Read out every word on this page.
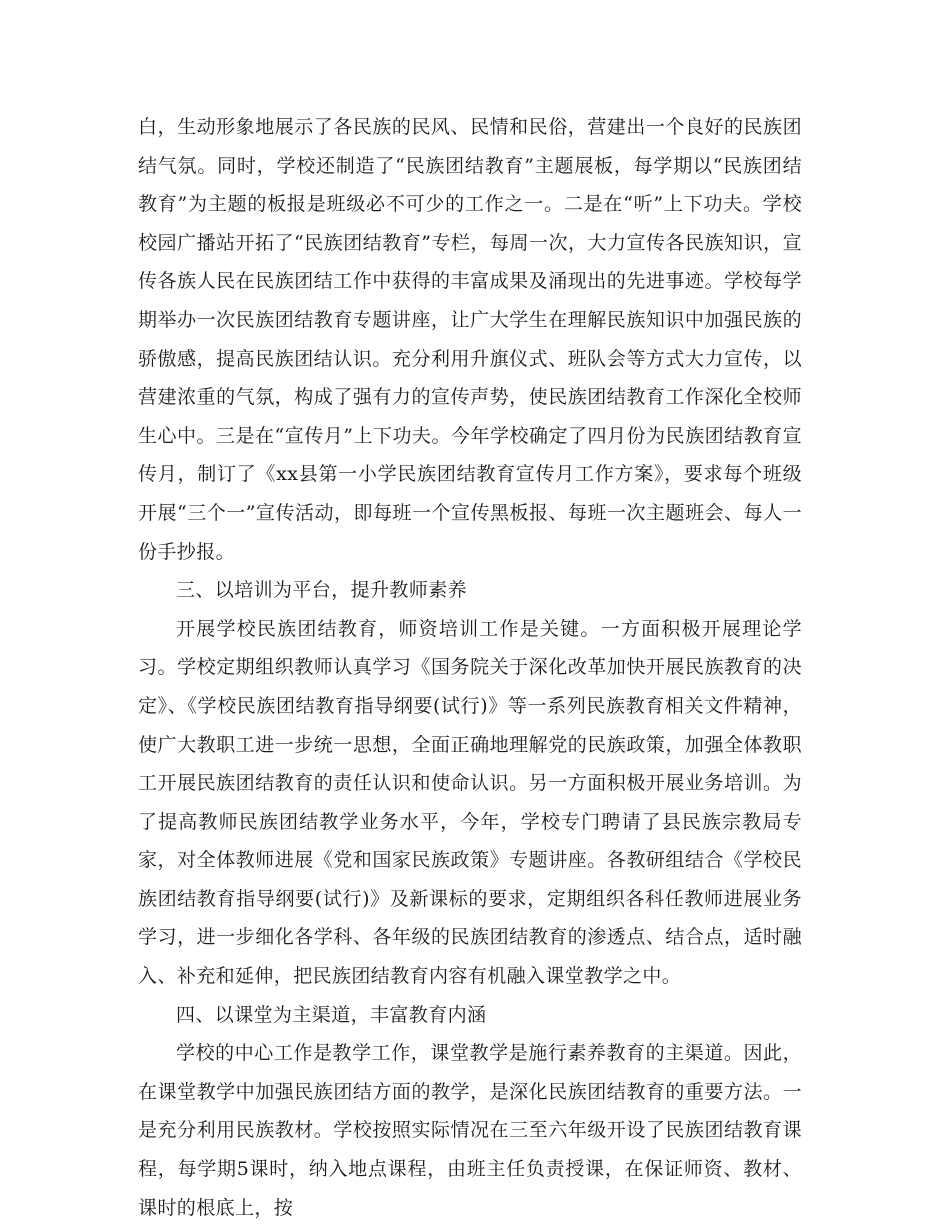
白，生动形象地展示了各民族的民风、民情和民俗，营建出一个良好的民族团结气氛。同时，学校还制造了“民族团结教育”主题展板，每学期以“民族团结教育”为主题的板报是班级必不可少的工作之一。二是在“听”上下功夫。学校校园广播站开拓了“民族团结教育”专栏，每周一次，大力宣传各民族知识，宣传各族人民在民族团结工作中获得的丰富成果及涌现出的先进事迹。学校每学期举办一次民族团结教育专题讲座，让广大学生在理解民族知识中加强民族的骄傲感，提高民族团结认识。充分利用升旗仪式、班队会等方式大力宣传，以营建浓重的气氛，构成了强有力的宣传声势，使民族团结教育工作深化全校师生心中。三是在“宣传月”上下功夫。今年学校确定了四月份为民族团结教育宣传月，制订了《xx县第一小学民族团结教育宣传月工作方案》，要求每个班级开展“三个一”宣传活动，即每班一个宣传黑板报、每班一次主题班会、每人一份手抄报。

三、以培训为平台，提升教师素养

开展学校民族团结教育，师资培训工作是关键。一方面积极开展理论学习。学校定期组织教师认真学习《国务院关于深化改革加快开展民族教育的决定》、《学校民族团结教育指导纲要(试行)》等一系列民族教育相关文件精神，使广大教职工进一步统一思想，全面正确地理解党的民族政策，加强全体教职工开展民族团结教育的责任认识和使命认识。另一方面积极开展业务培训。为了提高教师民族团结教学业务水平，今年，学校专门聘请了县民族宗教局专家，对全体教师进展《党和国家民族政策》专题讲座。各教研组结合《学校民族团结教育指导纲要(试行)》及新课标的要求，定期组织各科任教师进展业务学习，进一步细化各学科、各年级的民族团结教育的渗透点、结合点，适时融入、补充和延伸，把民族团结教育内容有机融入课堂教学之中。

四、以课堂为主渠道，丰富教育内涵

学校的中心工作是教学工作，课堂教学是施行素养教育的主渠道。因此，在课堂教学中加强民族团结方面的教学，是深化民族团结教育的重要方法。一是充分利用民族教材。学校按照实际情况在三至六年级开设了民族团结教育课程，每学期5课时，纳入地点课程，由班主任负责授课，在保证师资、教材、课时的根底上，按
